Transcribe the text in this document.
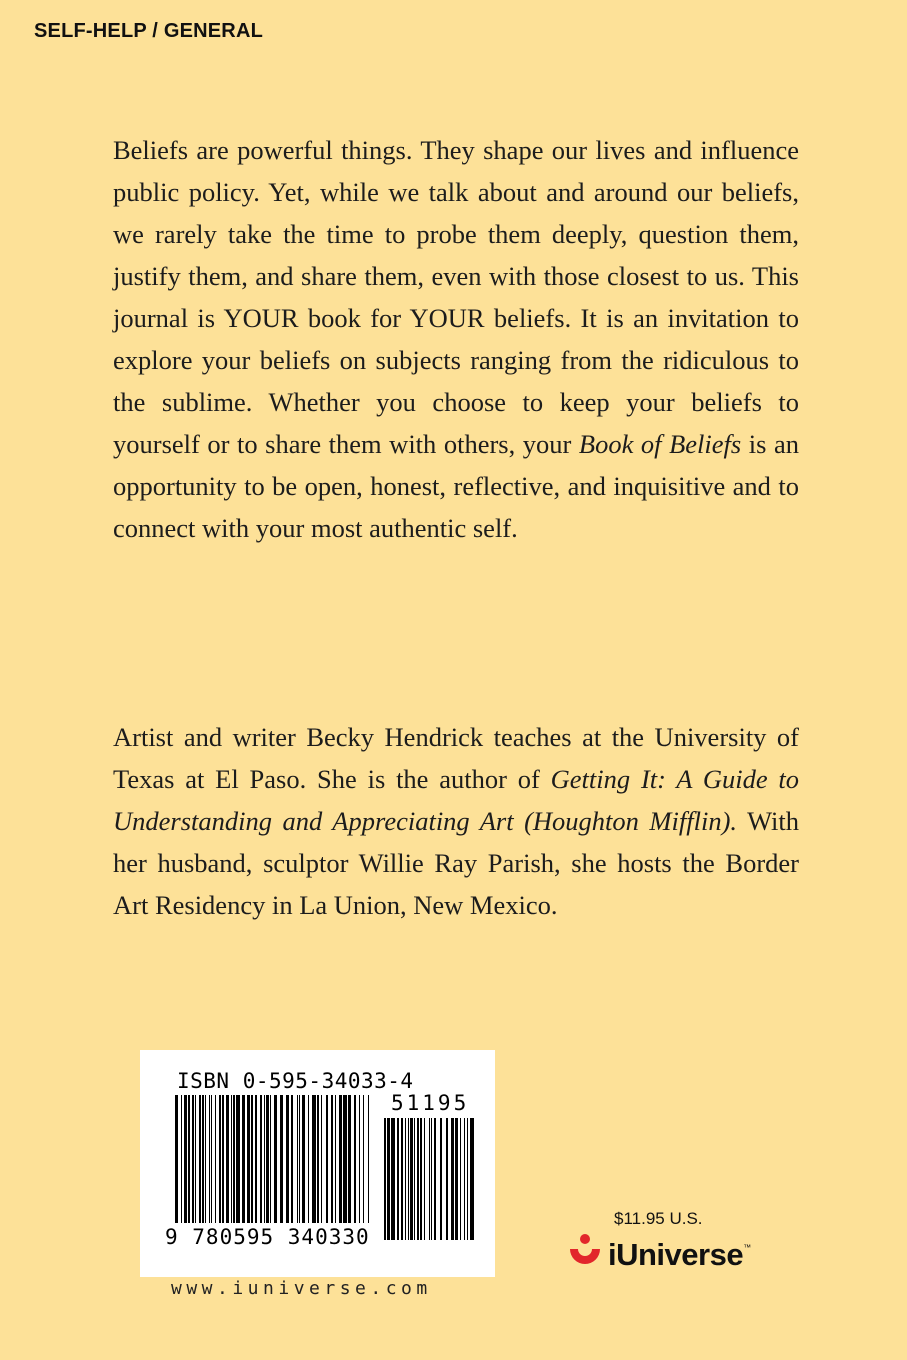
SELF-HELP / GENERAL

Beliefs are powerful things. They shape our lives and influence public policy. Yet, while we talk about and around our beliefs, we rarely take the time to probe them deeply, question them, justify them, and share them, even with those closest to us. This journal is YOUR book for YOUR beliefs. It is an invitation to explore your beliefs on subjects ranging from the ridiculous to the sublime. Whether you choose to keep your beliefs to yourself or to share them with others, your Book of Beliefs is an opportunity to be open, honest, reflective, and inquisitive and to connect with your most authentic self.

Artist and writer Becky Hendrick teaches at the University of Texas at El Paso. She is the author of Getting It: A Guide to Understanding and Appreciating Art (Houghton Mifflin). With her husband, sculptor Willie Ray Parish, she hosts the Border Art Residency in La Union, New Mexico.

ISBN 0-595-34033-4
51195
9 780595 340330
www.iuniverse.com
$11.95 U.S.
iUniverse ™
